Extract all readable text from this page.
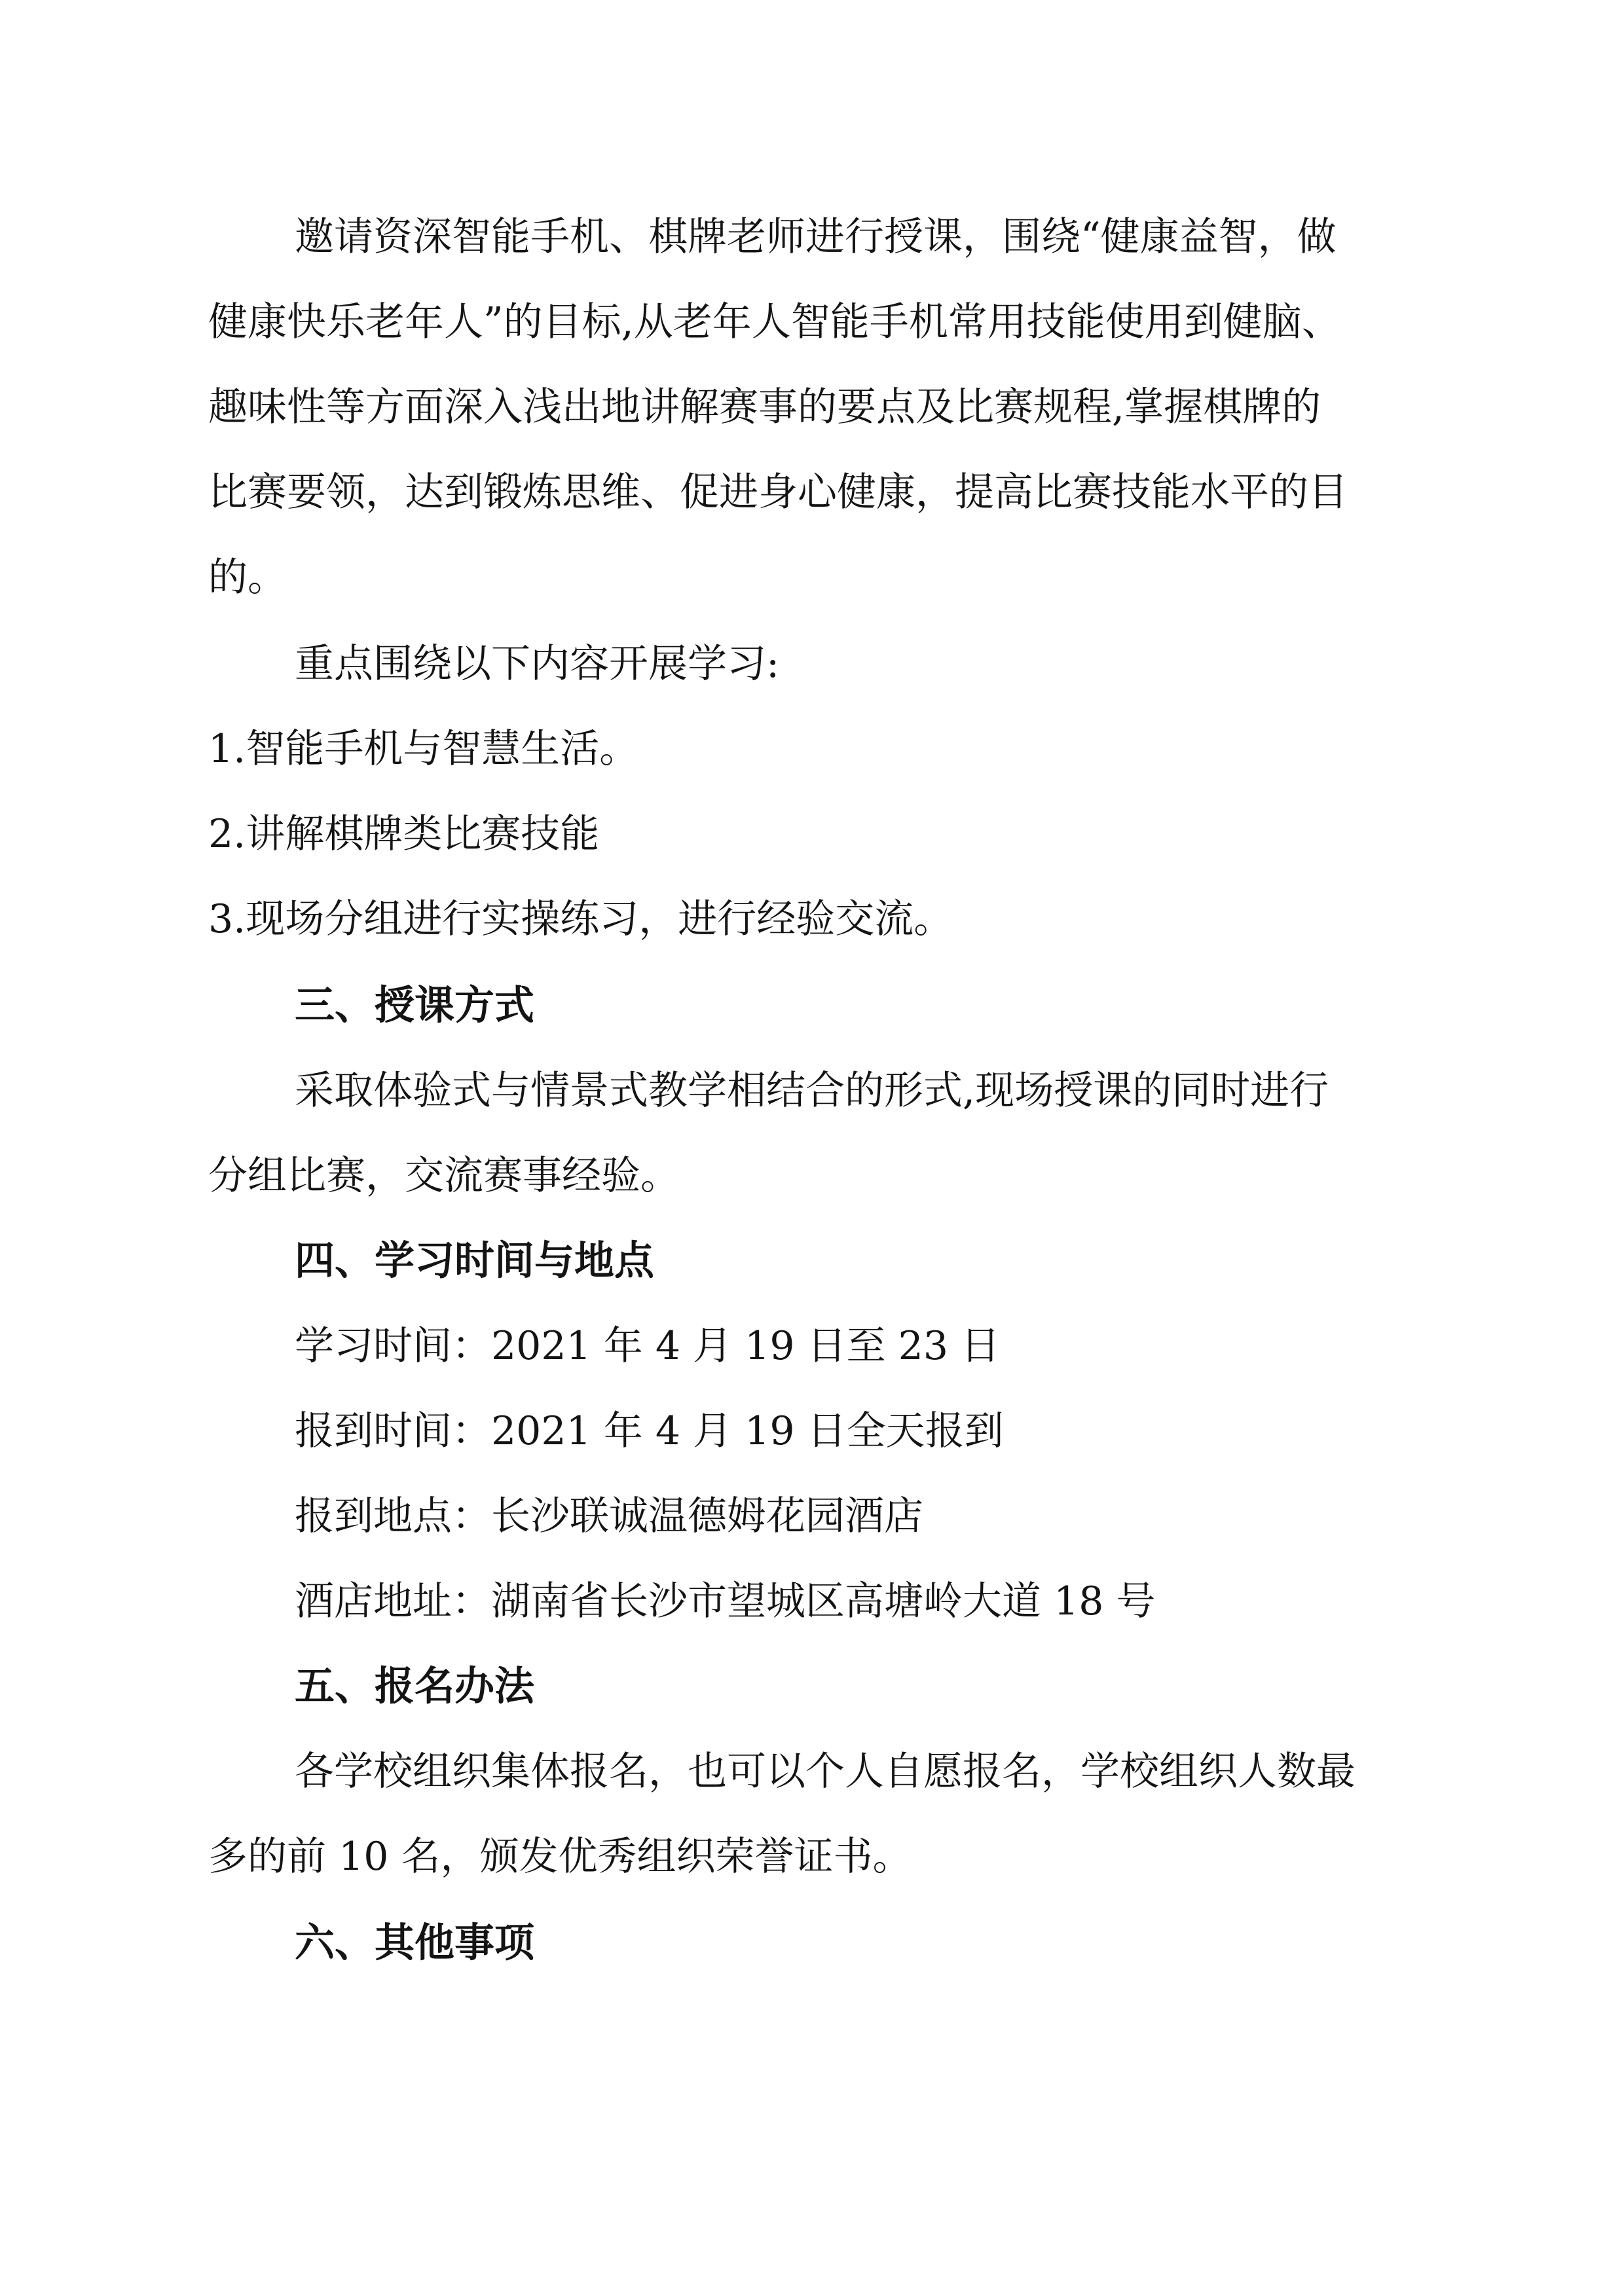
邀请资深智能手机、棋牌老师进行授课，围绕“健康益智，做
健康快乐老年人”的目标,从老年人智能手机常用技能使用到健脑、
趣味性等方面深入浅出地讲解赛事的要点及比赛规程,掌握棋牌的
比赛要领，达到锻炼思维、促进身心健康，提高比赛技能水平的目
的。
重点围绕以下内容开展学习:
1.智能手机与智慧生活。
2.讲解棋牌类比赛技能
3.现场分组进行实操练习，进行经验交流。
三、授课方式
采取体验式与情景式教学相结合的形式,现场授课的同时进行
分组比赛，交流赛事经验。
四、学习时间与地点
学习时间：2021 年 4 月 19 日至 23 日
报到时间：2021 年 4 月 19 日全天报到
报到地点：长沙联诚温德姆花园酒店
酒店地址：湖南省长沙市望城区高塘岭大道 18 号
五、报名办法
各学校组织集体报名，也可以个人自愿报名，学校组织人数最
多的前 10 名，颁发优秀组织荣誉证书。
六、其他事项
